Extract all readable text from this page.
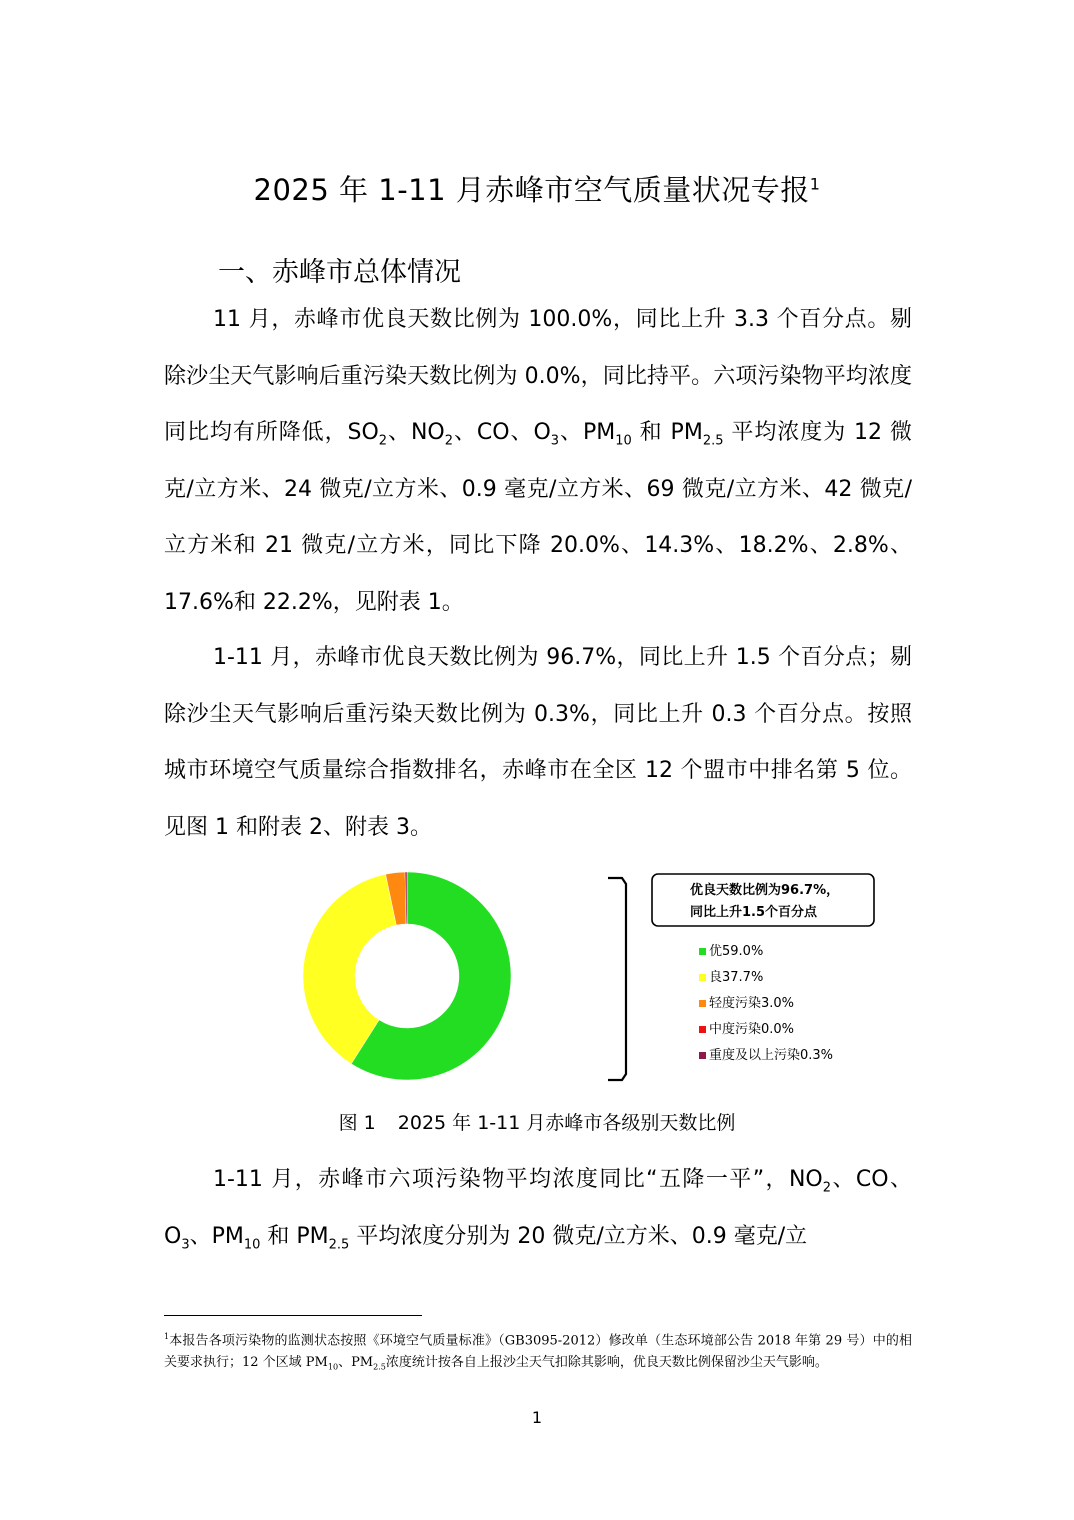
2025 年 1-11 月赤峰市空气质量状况专报$^1$
一、赤峰市总体情况

11 月，赤峰市优良天数比例为 100.0%，同比上升 3.3 个百分点。剔除沙尘天气影响后重污染天数比例为 0.0%，同比持平。六项污染物平均浓度同比均有所降低，$SO_2$、$NO_2$、CO、$O_3$、$PM_{10}$ 和 $PM_{2.5}$ 平均浓度为 12 微克/立方米、24 微克/立方米、0.9 毫克/立方米、69 微克/立方米、42 微克/立方米和 21 微克/立方米，同比下降 20.0%、14.3%、18.2%、2.8%、17.6%和 22.2%，见附表 1。

1-11 月，赤峰市优良天数比例为 96.7%，同比上升 1.5 个百分点；剔除沙尘天气影响后重污染天数比例为 0.3%，同比上升 0.3 个百分点。按照城市环境空气质量综合指数排名，赤峰市在全区 12 个盟市中排名第 5 位。见图 1 和附表 2、附表 3。

优良天数比例为96.7%，
同比上升1.5个百分点
优59.0%
良37.7%
轻度污染3.0%
中度污染0.0%
重度及以上污染0.3%
图 1 2025 年 1-11 月赤峰市各级别天数比例

1-11 月，赤峰市六项污染物平均浓度同比“五降一平”，$NO_2$、CO、$O_3$、$PM_{10}$ 和 $PM_{2.5}$ 平均浓度分别为 20 微克/立方米、0.9 毫克/立

$^1$本报告各项污染物的监测状态按照《环境空气质量标准》（GB3095-2012）修改单（生态环境部公告 2018 年第 29 号）中的相关要求执行；12 个区域 $PM_{10}$、$PM_{2.5}$浓度统计按各自上报沙尘天气扣除其影响，优良天数比例保留沙尘天气影响。

1
